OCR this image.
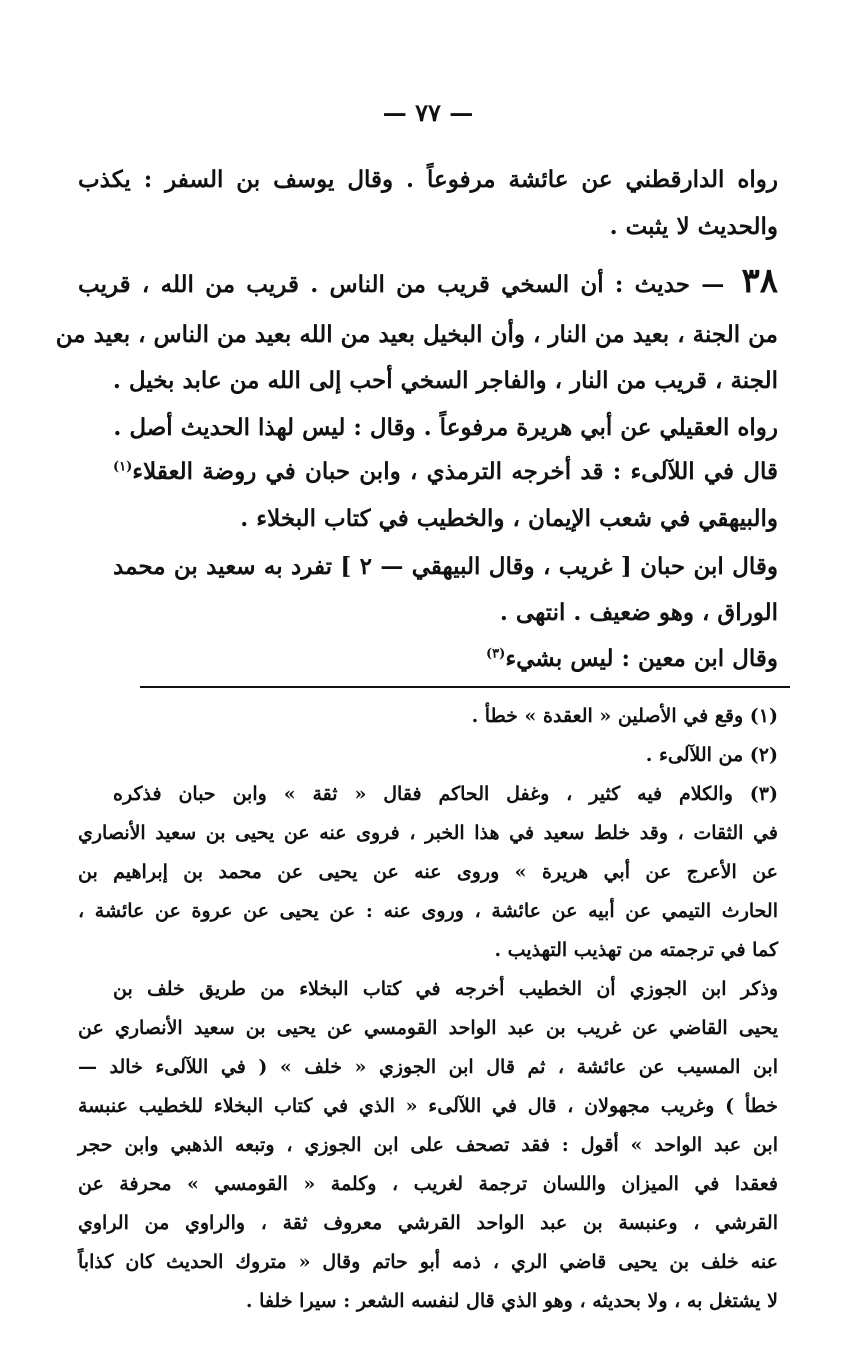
— ٧٧ —
رواه الدارقطني عن عائشة مرفوعاً . وقال يوسف بن السفر : يكذب
والحديث لا يثبت .
٣٨ — حديث : أن السخي قريب من الناس . قريب من الله ، قريب
من الجنة ، بعيد من النار ، وأن البخيل بعيد من الله بعيد من الناس ، بعيد من
الجنة ، قريب من النار ، والفاجر السخي أحب إلى الله من عابد بخيل .
رواه العقيلي عن أبي هريرة مرفوعاً . وقال : ليس لهذا الحديث أصل .
قال في اللآلىء : قد أخرجه الترمذي ، وابن حبان في روضة العقلاء$^{(١)}$
والبيهقي في شعب الإيمان ، والخطيب في كتاب البخلاء .
وقال ابن حبان [ غريب ، وقال البيهقي — ٢ ] تفرد به سعيد بن محمد
الوراق ، وهو ضعيف . انتهى .
وقال ابن معين : ليس بشيء$^{(٣)}$
(١) وقع في الأصلين « العقدة » خطأ .
(٢) من اللآلىء .
(٣) والكلام فيه كثير ، وغفل الحاكم فقال « ثقة » وابن حبان فذكره
في الثقات ، وقد خلط سعيد في هذا الخبر ، فروى عنه عن يحيى بن سعيد الأنصاري
عن الأعرج عن أبي هريرة » وروى عنه عن يحيى عن محمد بن إبراهيم بن
الحارث التيمي عن أبيه عن عائشة ، وروى عنه : عن يحيى عن عروة عن عائشة ،
كما في ترجمته من تهذيب التهذيب .
وذكر ابن الجوزي أن الخطيب أخرجه في كتاب البخلاء من طريق خلف بن
يحيى القاضي عن غريب بن عبد الواحد القومسي عن يحيى بن سعيد الأنصاري عن
ابن المسيب عن عائشة ، ثم قال ابن الجوزي « خلف » ( في اللآلىء خالد —
خطأ ) وغريب مجهولان ، قال في اللآلىء « الذي في كتاب البخلاء للخطيب عنبسة
ابن عبد الواحد » أقول : فقد تصحف على ابن الجوزي ، وتبعه الذهبي وابن حجر
فعقدا في الميزان واللسان ترجمة لغريب ، وكلمة « القومسي » محرفة عن
القرشي ، وعنبسة بن عبد الواحد القرشي معروف ثقة ، والراوي من الراوي
عنه خلف بن يحيى قاضي الري ، ذمه أبو حاتم وقال « متروك الحديث كان كذاباً
لا يشتغل به ، ولا بحديثه ، وهو الذي قال لنفسه الشعر : سيرا خلفا .
